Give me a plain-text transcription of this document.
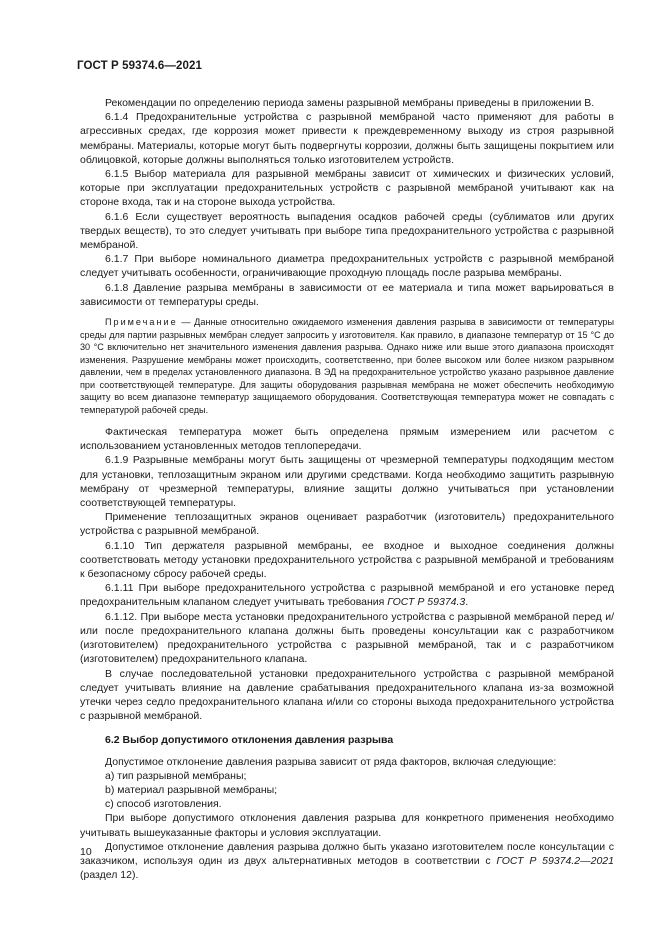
ГОСТ Р 59374.6—2021

Рекомендации по определению периода замены разрывной мембраны приведены в приложении В.

6.1.4 Предохранительные устройства с разрывной мембраной часто применяют для работы в агрессивных средах, где коррозия может привести к преждевременному выходу из строя разрывной мембраны. Материалы, которые могут быть подвергнуты коррозии, должны быть защищены покрытием или облицовкой, которые должны выполняться только изготовителем устройств.

6.1.5 Выбор материала для разрывной мембраны зависит от химических и физических условий, которые при эксплуатации предохранительных устройств с разрывной мембраной учитывают как на стороне входа, так и на стороне выхода устройства.

6.1.6 Если существует вероятность выпадения осадков рабочей среды (сублиматов или других твердых веществ), то это следует учитывать при выборе типа предохранительного устройства с разрывной мембраной.

6.1.7 При выборе номинального диаметра предохранительных устройств с разрывной мембраной следует учитывать особенности, ограничивающие проходную площадь после разрыва мембраны.

6.1.8 Давление разрыва мембраны в зависимости от ее материала и типа может варьироваться в зависимости от температуры среды.

Примечание — Данные относительно ожидаемого изменения давления разрыва в зависимости от температуры среды для партии разрывных мембран следует запросить у изготовителя. Как правило, в диапазоне температур от 15 °С до 30 °С включительно нет значительного изменения давления разрыва. Однако ниже или выше этого диапазона происходят изменения. Разрушение мембраны может происходить, соответственно, при более высоком или более низком разрывном давлении, чем в пределах установленного диапазона. В ЭД на предохранительное устройство указано разрывное давление при соответствующей температуре. Для защиты оборудования разрывная мембрана не может обеспечить необходимую защиту во всем диапазоне температур защищаемого оборудования. Соответствующая температура может не совпадать с температурой рабочей среды.

Фактическая температура может быть определена прямым измерением или расчетом с использованием установленных методов теплопередачи.

6.1.9 Разрывные мембраны могут быть защищены от чрезмерной температуры подходящим местом для установки, теплозащитным экраном или другими средствами. Когда необходимо защитить разрывную мембрану от чрезмерной температуры, влияние защиты должно учитываться при установлении соответствующей температуры.

Применение теплозащитных экранов оценивает разработчик (изготовитель) предохранительного устройства с разрывной мембраной.

6.1.10 Тип держателя разрывной мембраны, ее входное и выходное соединения должны соответствовать методу установки предохранительного устройства с разрывной мембраной и требованиям к безопасному сбросу рабочей среды.

6.1.11 При выборе предохранительного устройства с разрывной мембраной и его установке перед предохранительным клапаном следует учитывать требования ГОСТ Р 59374.3.

6.1.12. При выборе места установки предохранительного устройства с разрывной мембраной перед и/или после предохранительного клапана должны быть проведены консультации как с разработчиком (изготовителем) предохранительного устройства с разрывной мембраной, так и с разработчиком (изготовителем) предохранительного клапана.

В случае последовательной установки предохранительного устройства с разрывной мембраной следует учитывать влияние на давление срабатывания предохранительного клапана из-за возможной утечки через седло предохранительного клапана и/или со стороны выхода предохранительного устройства с разрывной мембраной.

6.2 Выбор допустимого отклонения давления разрыва

Допустимое отклонение давления разрыва зависит от ряда факторов, включая следующие:

a) тип разрывной мембраны;

b) материал разрывной мембраны;

c) способ изготовления.

При выборе допустимого отклонения давления разрыва для конкретного применения необходимо учитывать вышеуказанные факторы и условия эксплуатации.

Допустимое отклонение давления разрыва должно быть указано изготовителем после консультации с заказчиком, используя один из двух альтернативных методов в соответствии с ГОСТ Р 59374.2—2021 (раздел 12).

10
